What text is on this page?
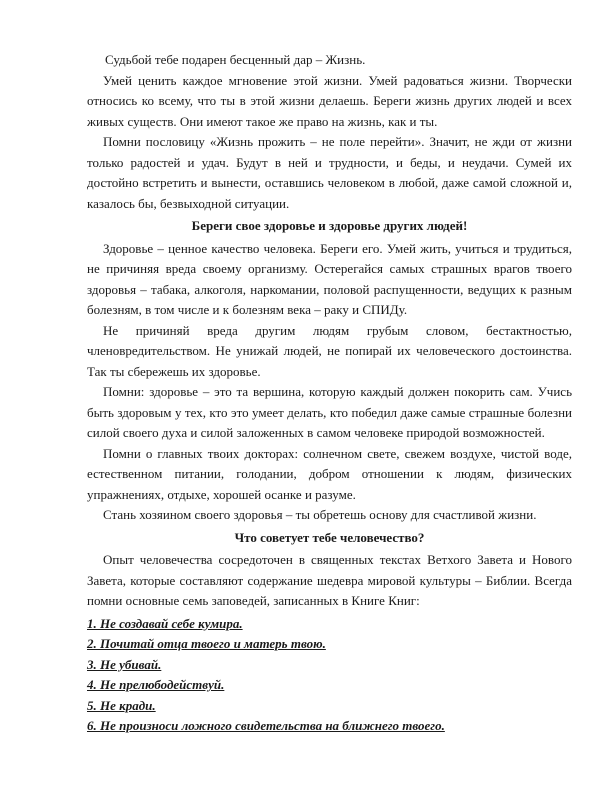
Судьбой тебе подарен бесценный дар – Жизнь.

Умей ценить каждое мгновение этой жизни. Умей радоваться жизни. Творчески относись ко всему, что ты в этой жизни делаешь. Береги жизнь других людей и всех живых существ. Они имеют такое же право на жизнь, как и ты.

Помни пословицу «Жизнь прожить – не поле перейти». Значит, не жди от жизни только радостей и удач. Будут в ней и трудности, и беды, и неудачи. Сумей их достойно встретить и вынести, оставшись человеком в любой, даже самой сложной и, казалось бы, безвыходной ситуации.

Береги свое здоровье и здоровье других людей!

Здоровье – ценное качество человека. Береги его. Умей жить, учиться и трудиться, не причиняя вреда своему организму. Остерегайся самых страшных врагов твоего здоровья – табака, алкоголя, наркомании, половой распущенности, ведущих к разным болезням, в том числе и к болезням века – раку и СПИДу.

Не причиняй вреда другим людям грубым словом, бестактностью, членовредительством. Не унижай людей, не попирай их человеческого достоинства. Так ты сбережешь их здоровье.

Помни: здоровье – это та вершина, которую каждый должен покорить сам. Учись быть здоровым у тех, кто это умеет делать, кто победил даже самые страшные болезни силой своего духа и силой заложенных в самом человеке природой возможностей.

Помни о главных твоих докторах: солнечном свете, свежем воздухе, чистой воде, естественном питании, голодании, добром отношении к людям, физических упражнениях, отдыхе, хорошей осанке и разуме.

Стань хозяином своего здоровья – ты обретешь основу для счастливой жизни.

Что советует тебе человечество?

Опыт человечества сосредоточен в священных текстах Ветхого Завета и Нового Завета, которые составляют содержание шедевра мировой культуры – Библии. Всегда помни основные семь заповедей, записанных в Книге Книг:

1. Не создавай себе кумира.
2. Почитай отца твоего и матерь твою.
3. Не убивай.
4. Не прелюбодействуй.
5. Не кради.
6. Не произноси ложного свидетельства на ближнего твоего.
